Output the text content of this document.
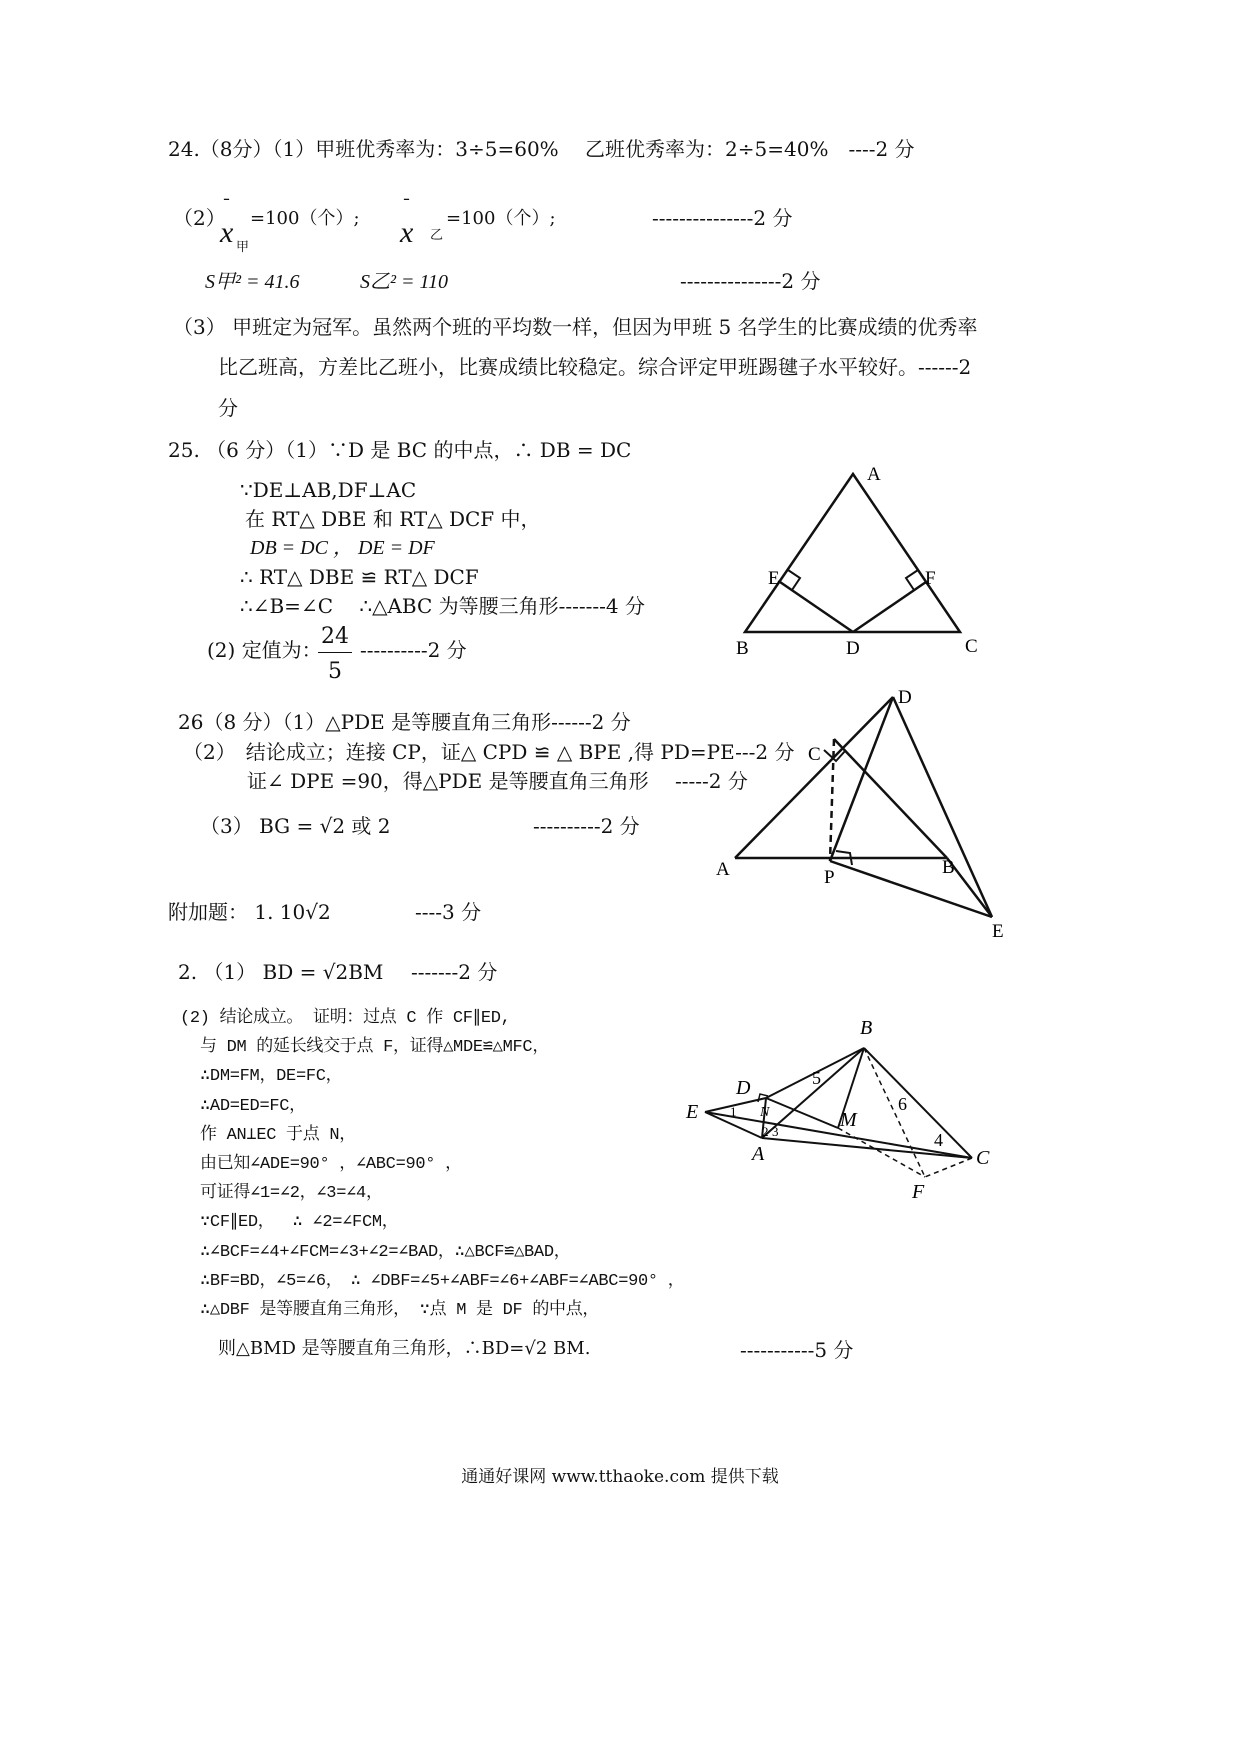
24.（8分）（1）甲班优秀率为：3÷5=60%　 乙班优秀率为：2÷5=40%　----2 分
（2）
¯
x 甲
=100（个）;
¯
x 乙
=100（个）;	---------------2 分
S甲² = 41.6	S乙² = 110	---------------2 分
（3） 甲班定为冠军。虽然两个班的平均数一样，但因为甲班 5 名学生的比赛成绩的优秀率
比乙班高，方差比乙班小，比赛成绩比较稳定。综合评定甲班踢毽子水平较好。------2
分
25. （6 分）（1）∵D 是 BC 的中点，∴ DB = DC
∵DE⊥AB,DF⊥AC
在 RT△ DBE 和 RT△ DCF 中，
DB = DC ， DE = DF
∴ RT△ DBE ≌ RT△ DCF
∴∠B=∠C　 ∴△ABC 为等腰三角形-------4 分
(2) 定值为：
$\frac{24}{5} ----------2$ 分
A
E	F
B	D	C
26（8 分）（1）△PDE 是等腰直角三角形------2 分
（2）　结论成立；连接 CP，证△ CPD ≌ △ BPE ,得 PD=PE---2 分
证∠ DPE =90，得△PDE 是等腰直角三角形　 -----2 分
（3） BG = √2 或 2	----------2 分
D
C
A	B
P
E
附加题： 1. 10√2	----3 分
2. （1） BD = √2BM -------2 分
(2) 结论成立。 证明：过点 C 作 CF∥ED,
与 DM 的延长线交于点 F，证得△MDE≌△MFC，
∴DM=FM，DE=FC，
∴AD=ED=FC，
作 AN⊥EC 于点 N，
由已知∠ADE=90° ，∠ABC=90° ，
可证得∠1=∠2，∠3=∠4，
∵CF∥ED，　 ∴ ∠2=∠FCM，
∴∠BCF=∠4+∠FCM=∠3+∠2=∠BAD，∴△BCF≌△BAD，
∴BF=BD，∠5=∠6，　∴ ∠DBF=∠5+∠ABF=∠6+∠ABF=∠ABC=90° ，
∴△DBF 是等腰直角三角形， ∵点 M 是 DF 的中点，
则△BMD 是等腰直角三角形，∴BD=√2 BM.	-----------5 分
B
D
E
A	C
F
M
N
5
6
4
1
2 3
通通好课网 www.tthaoke.com 提供下载
